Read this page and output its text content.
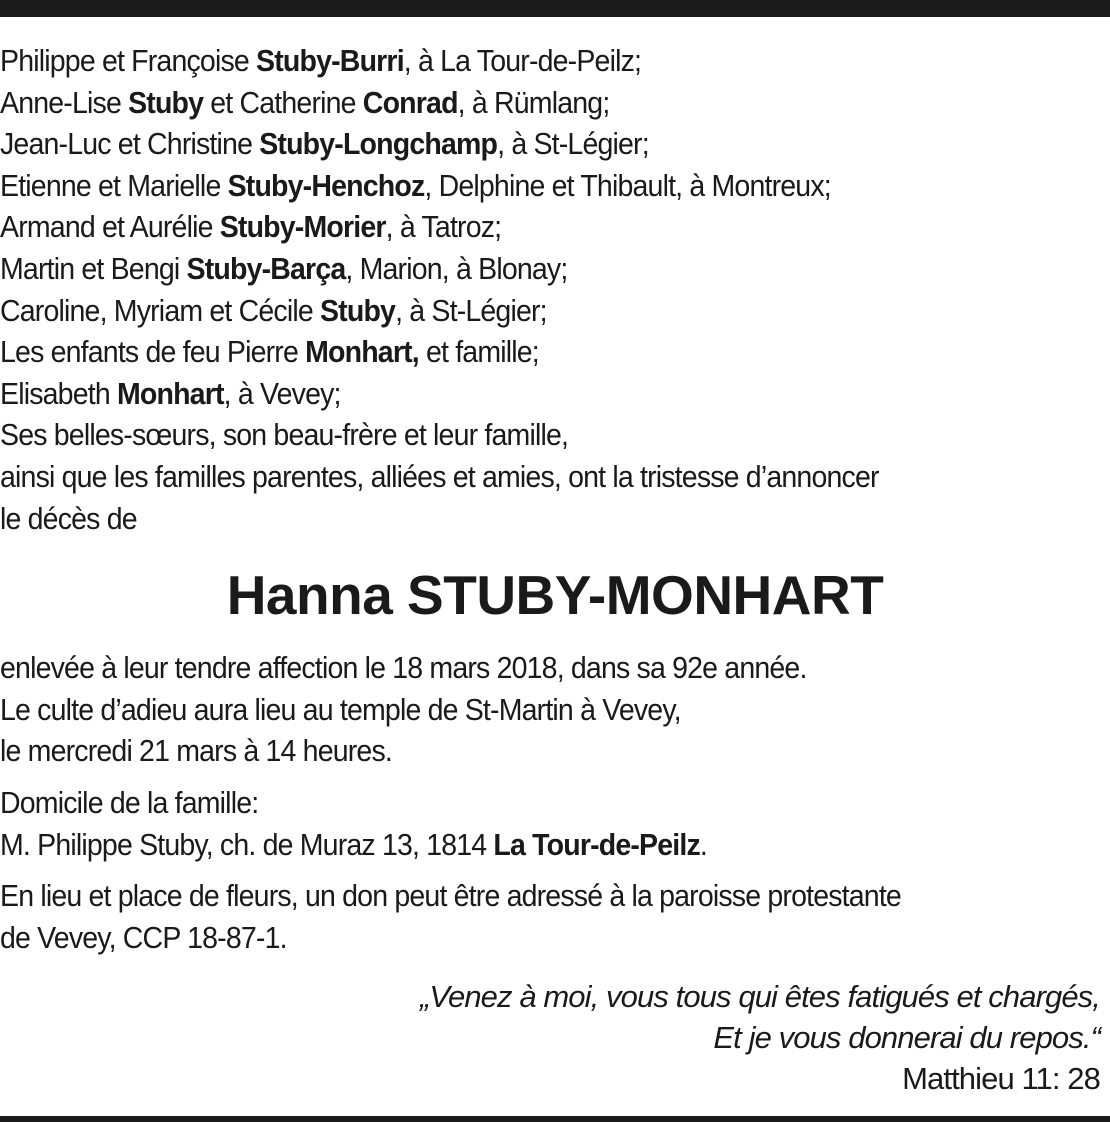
Philippe et Françoise Stuby-Burri, à La Tour-de-Peilz;
Anne-Lise Stuby et Catherine Conrad, à Rümlang;
Jean-Luc et Christine Stuby-Longchamp, à St-Légier;
Etienne et Marielle Stuby-Henchoz, Delphine et Thibault, à Montreux;
Armand et Aurélie Stuby-Morier, à Tatroz;
Martin et Bengi Stuby-Barça, Marion, à Blonay;
Caroline, Myriam et Cécile Stuby, à St-Légier;
Les enfants de feu Pierre Monhart, et famille;
Elisabeth Monhart, à Vevey;
Ses belles-sœurs, son beau-frère et leur famille,
ainsi que les familles parentes, alliées et amies, ont la tristesse d’annoncer
le décès de
Hanna STUBY-MONHART
enlevée à leur tendre affection le 18 mars 2018, dans sa 92e année.
Le culte d’adieu aura lieu au temple de St-Martin à Vevey,
le mercredi 21 mars à 14 heures.
Domicile de la famille:
M. Philippe Stuby, ch. de Muraz 13, 1814 La Tour-de-Peilz.
En lieu et place de fleurs, un don peut être adressé à la paroisse protestante
de Vevey, CCP 18-87-1.
„Venez à moi, vous tous qui êtes fatigués et chargés,
Et je vous donnerai du repos.“
Matthieu 11: 28
